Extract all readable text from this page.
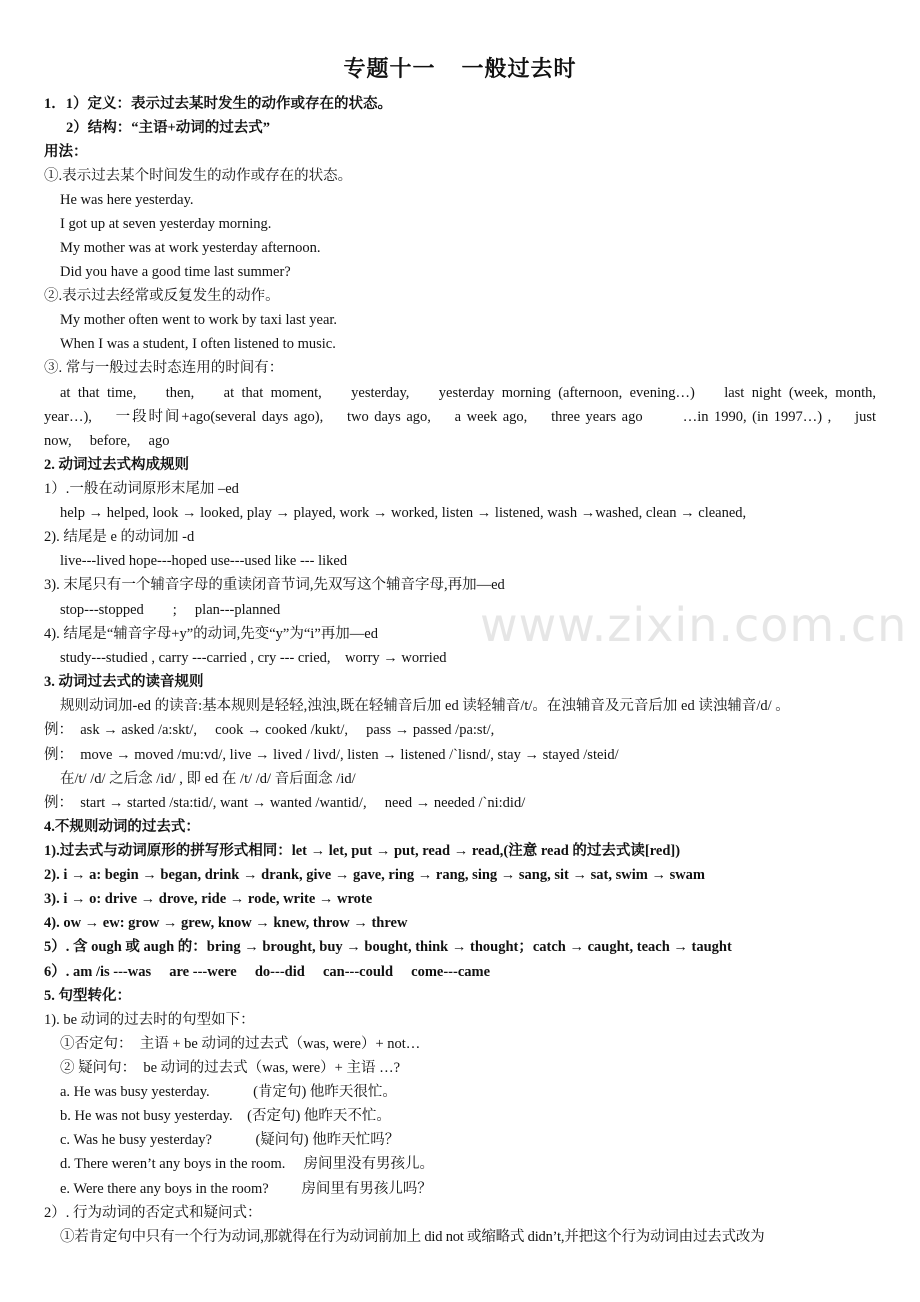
www.zixin.com.cn
专题十一 一般过去时
1．1）定义：表示过去某时发生的动作或存在的状态。
2）结构：“主语+动词的过去式”
用法：
①.表示过去某个时间发生的动作或存在的状态。
He was here yesterday.
I got up at seven yesterday morning.
My mother was at work yesterday afternoon.
Did you have a good time last summer?
②.表示过去经常或反复发生的动作。
My mother often went to work by taxi last year.
When I was a student, I often listened to music.
③. 常与一般过去时态连用的时间有：
at that time,　 then,　 at that moment,　 yesterday,　 yesterday morning (afternoon, evening…)　 last night (week, month,
year…),　 一段时间+ago(several days ago),　 two days ago,　 a week ago,　 three years ago　　 …in 1990, (in 1997…) ,　 just
now,　 before,　 ago
2. 动词过去式构成规则
1）.一般在动词原形末尾加 –ed
help → helped, look → looked, play → played, work → worked, listen → listened, wash →washed, clean → cleaned,
2). 结尾是 e 的动词加 -d
live---lived hope---hoped use---used like --- liked
3). 末尾只有一个辅音字母的重读闭音节词,先双写这个辅音字母,再加—ed
stop---stopped　　;　 plan---planned
4). 结尾是“辅音字母+y”的动词,先变“y”为“i”再加—ed
study---studied , carry ---carried , cry --- cried,　worry → worried
3. 动词过去式的读音规则
规则动词加-ed 的读音:基本规则是轻轻,浊浊,既在轻辅音后加 ed 读轻辅音/t/。在浊辅音及元音后加 ed 读浊辅音/d/ 。
例：　ask → asked /a:skt/,　 cook → cooked /kukt/,　 pass → passed /pa:st/,
例：　move → moved /mu:vd/, live → lived / livd/, listen → listened /`lisnd/, stay → stayed /steid/
在/t/ /d/ 之后念 /id/ , 即 ed 在 /t/ /d/ 音后面念 /id/
例：　start → started /sta:tid/, want → wanted /wantid/,　 need → needed /`ni:did/
4.不规则动词的过去式：
1).过去式与动词原形的拼写形式相同：let → let, put → put, read → read,(注意 read 的过去式读[red])
2). i → a: begin → began, drink → drank, give → gave, ring → rang, sing → sang, sit → sat, swim → swam
3). i → o: drive → drove, ride → rode, write → wrote
4). ow → ew: grow → grew, know → knew, throw → threw
5）. 含 ough 或 augh 的：bring → brought, buy → bought, think → thought；catch → caught, teach → taught
6）. am /is ---was　 are ---were　 do---did　 can---could　 come---came
5. 句型转化：
1). be 动词的过去时的句型如下：
①否定句：　主语 + be 动词的过去式（was, were）+ not…
② 疑问句：　be 动词的过去式（was, were）+ 主语 …?
a. He was busy yesterday.　　　(肯定句) 他昨天很忙。
b. He was not busy yesterday.　(否定句) 他昨天不忙。
c. Was he busy yesterday?　　　(疑问句) 他昨天忙吗？
d. There weren’t any boys in the room.　 房间里没有男孩儿。
e. Were there any boys in the room?　　 房间里有男孩儿吗？
2）. 行为动词的否定式和疑问式：
①若肯定句中只有一个行为动词,那就得在行为动词前加上 did not 或缩略式 didn’t,并把这个行为动词由过去式改为
